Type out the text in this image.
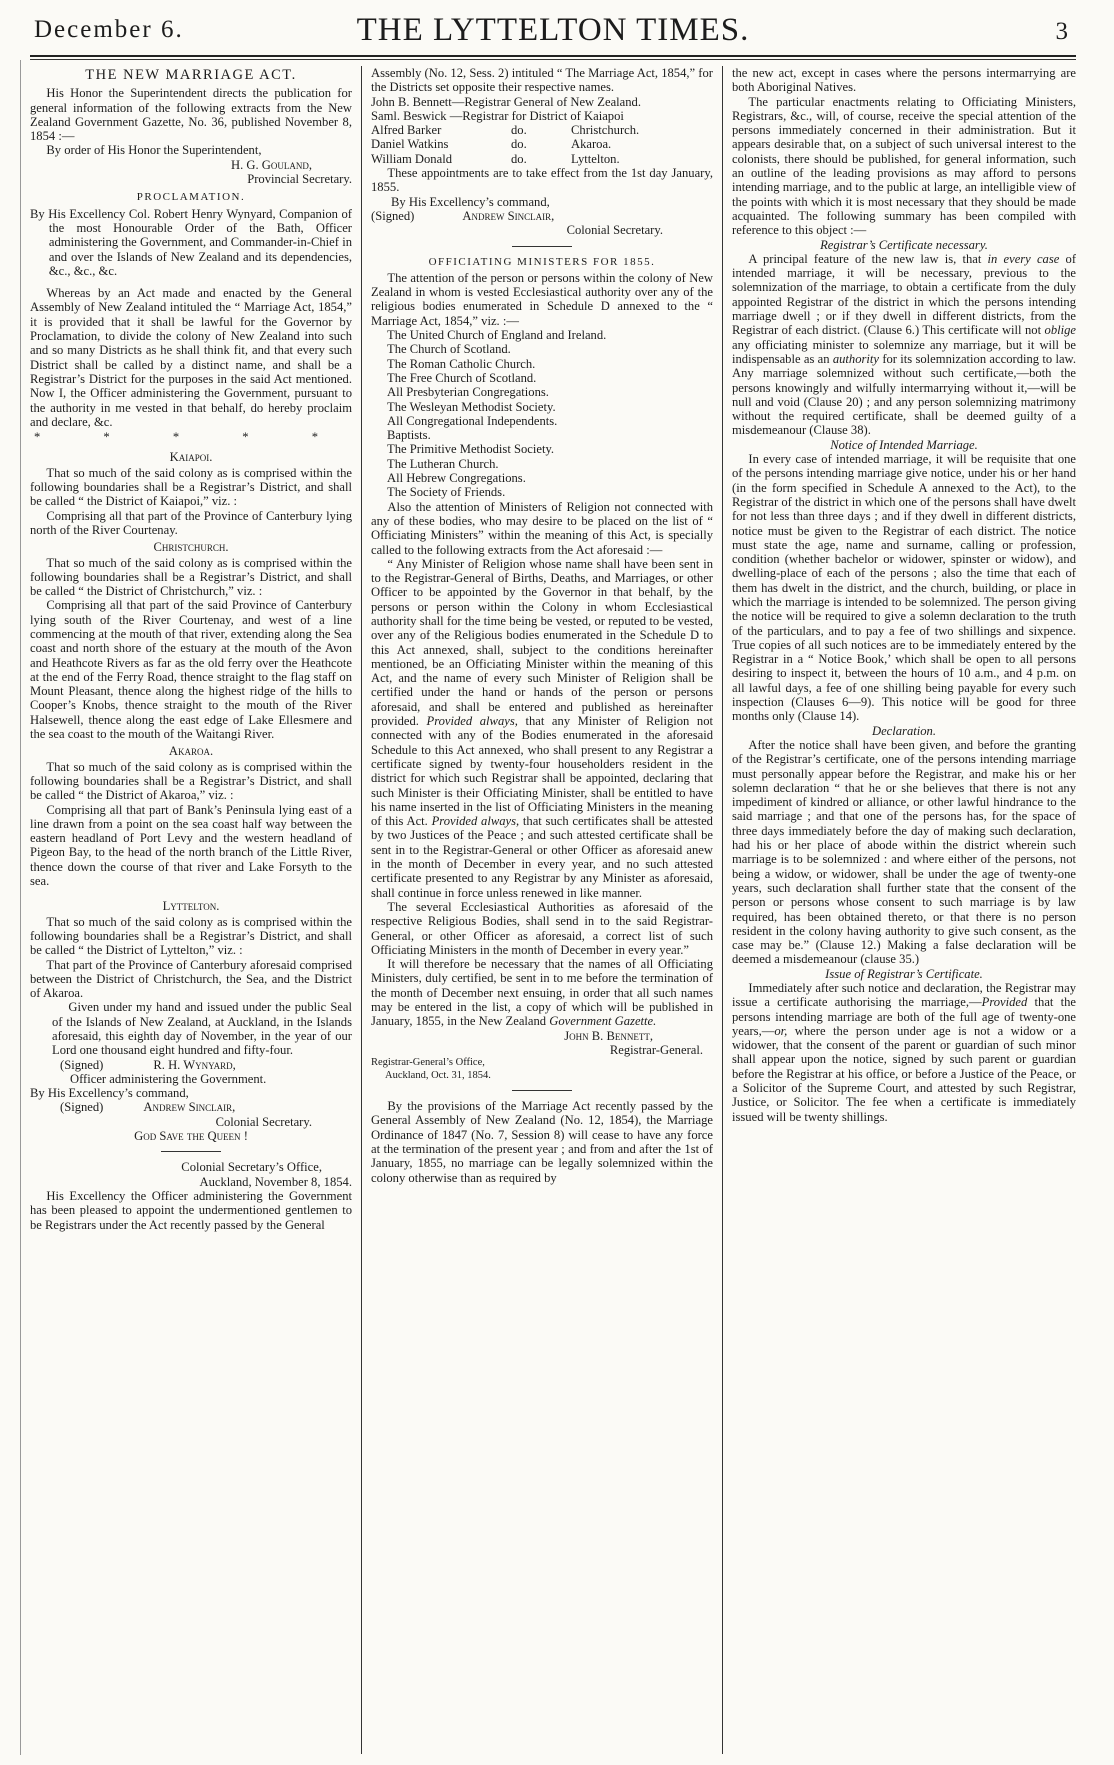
December 6.	THE LYTTELTON TIMES.	3

THE NEW MARRIAGE ACT.

His Honor the Superintendent directs the publication for general information of the following extracts from the New Zealand Government Gazette, No. 36, published November 8, 1854 :—

By order of His Honor the Superintendent,

H. G. Gouland,

Provincial Secretary.

PROCLAMATION.

By His Excellency Col. Robert Henry Wynyard, Companion of the most Honourable Order of the Bath, Officer administering the Government, and Commander-in-Chief in and over the Islands of New Zealand and its dependencies, &c., &c., &c.

Whereas by an Act made and enacted by the General Assembly of New Zealand intituled the “ Marriage Act, 1854,” it is provided that it shall be lawful for the Governor by Proclamation, to divide the colony of New Zealand into such and so many Districts as he shall think fit, and that every such District shall be called by a distinct name, and shall be a Registrar’s District for the purposes in the said Act mentioned. Now I, the Officer administering the Government, pursuant to the authority in me vested in that behalf, do hereby proclaim and declare, &c.

* * * * *

Kaiapoi.

That so much of the said colony as is comprised within the following boundaries shall be a Registrar’s District, and shall be called “ the District of Kaiapoi,” viz. :

Comprising all that part of the Province of Canterbury lying north of the River Courtenay.

Christchurch.

That so much of the said colony as is comprised within the following boundaries shall be a Registrar’s District, and shall be called “ the District of Christchurch,” viz. :

Comprising all that part of the said Province of Canterbury lying south of the River Courtenay, and west of a line commencing at the mouth of that river, extending along the Sea coast and north shore of the estuary at the mouth of the Avon and Heathcote Rivers as far as the old ferry over the Heathcote at the end of the Ferry Road, thence straight to the flag staff on Mount Pleasant, thence along the highest ridge of the hills to Cooper’s Knobs, thence straight to the mouth of the River Halsewell, thence along the east edge of Lake Ellesmere and the sea coast to the mouth of the Waitangi River.

Akaroa.

That so much of the said colony as is comprised within the following boundaries shall be a Registrar’s District, and shall be called “ the District of Akaroa,” viz. :

Comprising all that part of Bank’s Peninsula lying east of a line drawn from a point on the sea coast half way between the eastern headland of Port Levy and the western headland of Pigeon Bay, to the head of the north branch of the Little River, thence down the course of that river and Lake Forsyth to the sea.

Lyttelton.

That so much of the said colony as is comprised within the following boundaries shall be a Registrar’s District, and shall be called “ the District of Lyttelton,” viz. :

That part of the Province of Canterbury aforesaid comprised between the District of Christchurch, the Sea, and the District of Akaroa.

Given under my hand and issued under the public Seal of the Islands of New Zealand, at Auckland, in the Islands aforesaid, this eighth day of November, in the year of our Lord one thousand eight hundred and fifty-four.

(Signed)	R. H. Wynyard,

Officer administering the Government.

By His Excellency’s command,

(Signed)	Andrew Sinclair,

Colonial Secretary.

God Save the Queen !

Colonial Secretary’s Office,

Auckland, November 8, 1854.

His Excellency the Officer administering the Government has been pleased to appoint the undermentioned gentlemen to be Registrars under the Act recently passed by the General

Assembly (No. 12, Sess. 2) intituled “ The Marriage Act, 1854,” for the Districts set opposite their respective names.

John B. Bennett—Registrar General of New Zealand.

Saml. Beswick —Registrar for District of Kaiapoi

Alfred Barker	do.	Christchurch.
Daniel Watkins	do.	Akaroa.
William Donald	do.	Lyttelton.

These appointments are to take effect from the 1st day January, 1855.

By His Excellency’s command,

(Signed)	Andrew Sinclair,

Colonial Secretary.

OFFICIATING MINISTERS FOR 1855.

The attention of the person or persons within the colony of New Zealand in whom is vested Ecclesiastical authority over any of the religious bodies enumerated in Schedule D annexed to the “ Marriage Act, 1854,” viz. :—

The United Church of England and Ireland.

The Church of Scotland.

The Roman Catholic Church.

The Free Church of Scotland.

All Presbyterian Congregations.

The Wesleyan Methodist Society.

All Congregational Independents.

Baptists.

The Primitive Methodist Society.

The Lutheran Church.

All Hebrew Congregations.

The Society of Friends.

Also the attention of Ministers of Religion not connected with any of these bodies, who may desire to be placed on the list of “ Officiating Ministers” within the meaning of this Act, is specially called to the following extracts from the Act aforesaid :—

“ Any Minister of Religion whose name shall have been sent in to the Registrar-General of Births, Deaths, and Marriages, or other Officer to be appointed by the Governor in that behalf, by the persons or person within the Colony in whom Ecclesiastical authority shall for the time being be vested, or reputed to be vested, over any of the Religious bodies enumerated in the Schedule D to this Act annexed, shall, subject to the conditions hereinafter mentioned, be an Officiating Minister within the meaning of this Act, and the name of every such Minister of Religion shall be certified under the hand or hands of the person or persons aforesaid, and shall be entered and published as hereinafter provided. Provided always, that any Minister of Religion not connected with any of the Bodies enumerated in the aforesaid Schedule to this Act annexed, who shall present to any Registrar a certificate signed by twenty-four householders resident in the district for which such Registrar shall be appointed, declaring that such Minister is their Officiating Minister, shall be entitled to have his name inserted in the list of Officiating Ministers in the meaning of this Act. Provided always, that such certificates shall be attested by two Justices of the Peace ; and such attested certificate shall be sent in to the Registrar-General or other Officer as aforesaid anew in the month of December in every year, and no such attested certificate presented to any Registrar by any Minister as aforesaid, shall continue in force unless renewed in like manner.

The several Ecclesiastical Authorities as aforesaid of the respective Religious Bodies, shall send in to the said Registrar-General, or other Officer as aforesaid, a correct list of such Officiating Ministers in the month of December in every year.”

It will therefore be necessary that the names of all Officiating Ministers, duly certified, be sent in to me before the termination of the month of December next ensuing, in order that all such names may be entered in the list, a copy of which will be published in January, 1855, in the New Zealand Government Gazette.

John B. Bennett,

Registrar-General.

Registrar-General’s Office,

Auckland, Oct. 31, 1854.

By the provisions of the Marriage Act recently passed by the General Assembly of New Zealand (No. 12, 1854), the Marriage Ordinance of 1847 (No. 7, Session 8) will cease to have any force at the termination of the present year ; and from and after the 1st of January, 1855, no marriage can be legally solemnized within the colony otherwise than as required by

the new act, except in cases where the persons intermarrying are both Aboriginal Natives.

The particular enactments relating to Officiating Ministers, Registrars, &c., will, of course, receive the special attention of the persons immediately concerned in their administration. But it appears desirable that, on a subject of such universal interest to the colonists, there should be published, for general information, such an outline of the leading provisions as may afford to persons intending marriage, and to the public at large, an intelligible view of the points with which it is most necessary that they should be made acquainted. The following summary has been compiled with reference to this object :—

Registrar’s Certificate necessary.

A principal feature of the new law is, that in every case of intended marriage, it will be necessary, previous to the solemnization of the marriage, to obtain a certificate from the duly appointed Registrar of the district in which the persons intending marriage dwell ; or if they dwell in different districts, from the Registrar of each district. (Clause 6.) This certificate will not oblige any officiating minister to solemnize any marriage, but it will be indispensable as an authority for its solemnization according to law. Any marriage solemnized without such certificate,—both the persons knowingly and wilfully intermarrying without it,—will be null and void (Clause 20) ; and any person solemnizing matrimony without the required certificate, shall be deemed guilty of a misdemeanour (Clause 38).

Notice of Intended Marriage.

In every case of intended marriage, it will be requisite that one of the persons intending marriage give notice, under his or her hand (in the form specified in Schedule A annexed to the Act), to the Registrar of the district in which one of the persons shall have dwelt for not less than three days ; and if they dwell in different districts, notice must be given to the Registrar of each district. The notice must state the age, name and surname, calling or profession, condition (whether bachelor or widower, spinster or widow), and dwelling-place of each of the persons ; also the time that each of them has dwelt in the district, and the church, building, or place in which the marriage is intended to be solemnized. The person giving the notice will be required to give a solemn declaration to the truth of the particulars, and to pay a fee of two shillings and sixpence. True copies of all such notices are to be immediately entered by the Registrar in a “ Notice Book,’ which shall be open to all persons desiring to inspect it, between the hours of 10 a.m., and 4 p.m. on all lawful days, a fee of one shilling being payable for every such inspection (Clauses 6—9). This notice will be good for three months only (Clause 14).

Declaration.

After the notice shall have been given, and before the granting of the Registrar’s certificate, one of the persons intending marriage must personally appear before the Registrar, and make his or her solemn declaration “ that he or she believes that there is not any impediment of kindred or alliance, or other lawful hindrance to the said marriage ; and that one of the persons has, for the space of three days immediately before the day of making such declaration, had his or her place of abode within the district wherein such marriage is to be solemnized : and where either of the persons, not being a widow, or widower, shall be under the age of twenty-one years, such declaration shall further state that the consent of the person or persons whose consent to such marriage is by law required, has been obtained thereto, or that there is no person resident in the colony having authority to give such consent, as the case may be.” (Clause 12.) Making a false declaration will be deemed a misdemeanour (clause 35.)

Issue of Registrar’s Certificate.

Immediately after such notice and declaration, the Registrar may issue a certificate authorising the marriage,—Provided that the persons intending marriage are both of the full age of twenty-one years,—or, where the person under age is not a widow or a widower, that the consent of the parent or guardian of such minor shall appear upon the notice, signed by such parent or guardian before the Registrar at his office, or before a Justice of the Peace, or a Solicitor of the Supreme Court, and attested by such Registrar, Justice, or Solicitor. The fee when a certificate is immediately issued will be twenty shillings.
